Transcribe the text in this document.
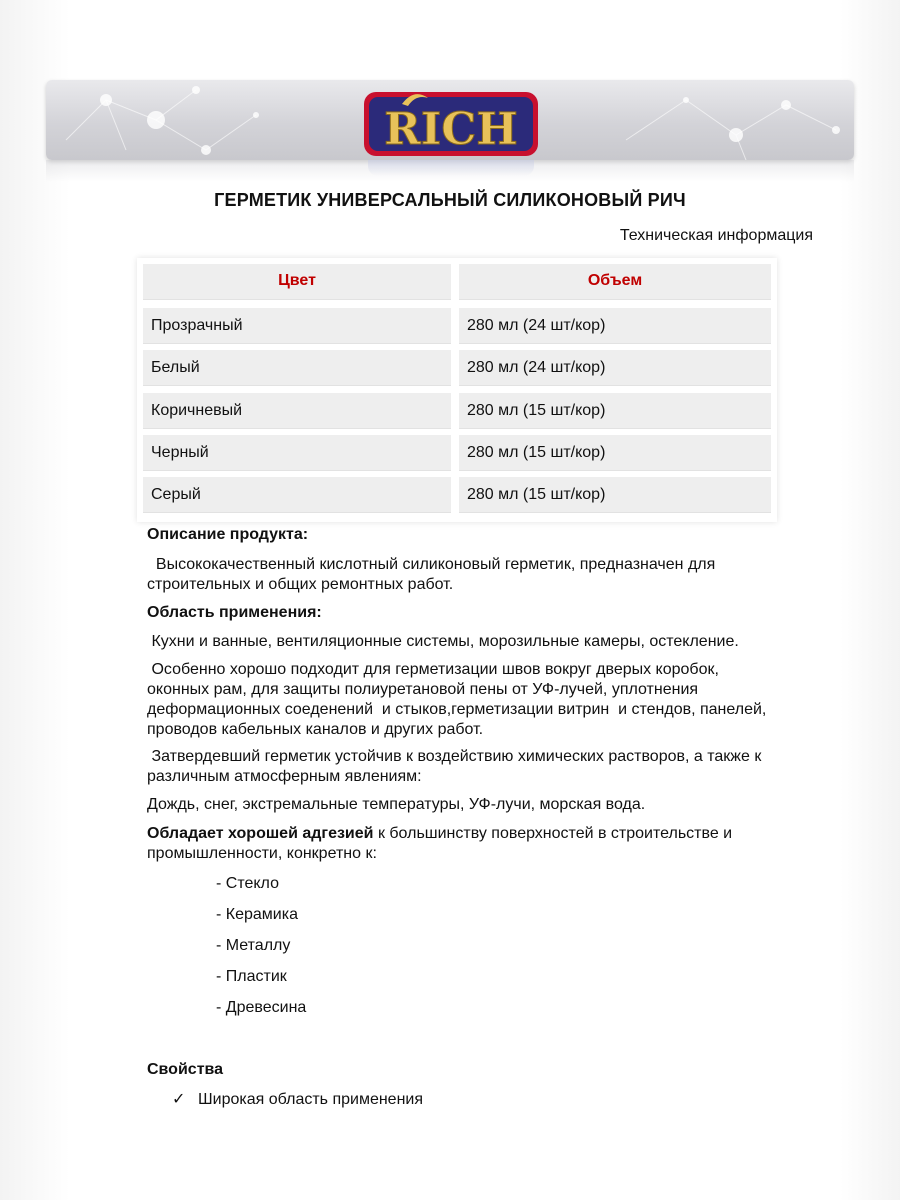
RICH
ГЕРМЕТИК УНИВЕРСАЛЬНЫЙ СИЛИКОНОВЫЙ РИЧ
Техническая информация
Цвет	Объем
Прозрачный	280 мл (24 шт/кор)
Белый	280 мл (24 шт/кор)
Коричневый	280 мл (15 шт/кор)
Черный	280 мл (15 шт/кор)
Серый	280 мл (15 шт/кор)
Описание продукта:
Высококачественный кислотный силиконовый герметик, предназначен для
строительных и общих ремонтных работ.
Область применения:
Кухни и ванные, вентиляционные системы, морозильные камеры, остекление.
Особенно хорошо подходит для герметизации швов вокруг дверых коробок,
оконных рам, для защиты полиуретановой пены от УФ-лучей, уплотнения
деформационных соеденений  и стыков,герметизации витрин  и стендов, панелей,
проводов кабельных каналов и других работ.
Затвердевший герметик устойчив к воздействию химических растворов, а также к
различным атмосферным явлениям:
Дождь, снег, экстремальные температуры, УФ-лучи, морская вода.
Обладает хорошей адгезией к большинству поверхностей в строительстве и
промышленности, конкретно к:
- Стекло
- Керамика
- Металлу
- Пластик
- Древесина
Свойства
✓ Широкая область применения
